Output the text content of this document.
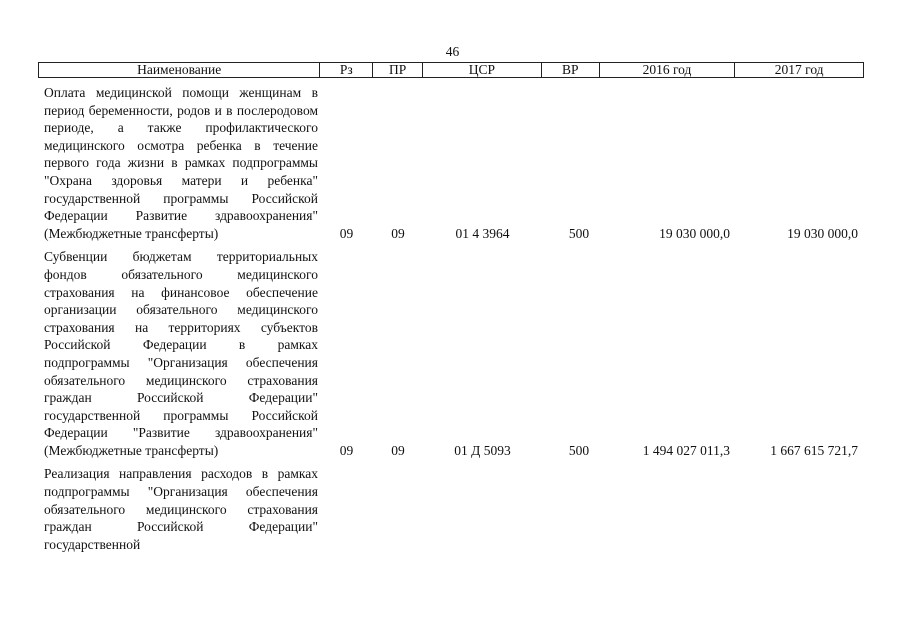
46
Наименование	Рз	ПР	ЦСР	ВР	2016 год	2017 год
Оплата медицинской помощи женщинам в период беременности, родов и в послеродовом периоде, а также профилактического медицинского осмотра ребенка в течение первого года жизни в рамках подпрограммы "Охрана здоровья матери и ребенка" государственной программы Российской Федерации Развитие здравоохранения" (Межбюджетные трансферты)	09	09	01 4 3964	500	19 030 000,0	19 030 000,0
Субвенции бюджетам территориальных фондов обязательного медицинского страхования на финансовое обеспечение организации обязательного медицинского страхования на территориях субъектов Российской Федерации в рамках подпрограммы "Организация обеспечения обязательного медицинского страхования граждан Российской Федерации" государственной программы Российской Федерации "Развитие здравоохранения" (Межбюджетные трансферты)	09	09	01 Д 5093	500	1 494 027 011,3	1 667 615 721,7
Реализация направления расходов в рамках подпрограммы "Организация обеспечения обязательного медицинского страхования граждан Российской Федерации" государственной
